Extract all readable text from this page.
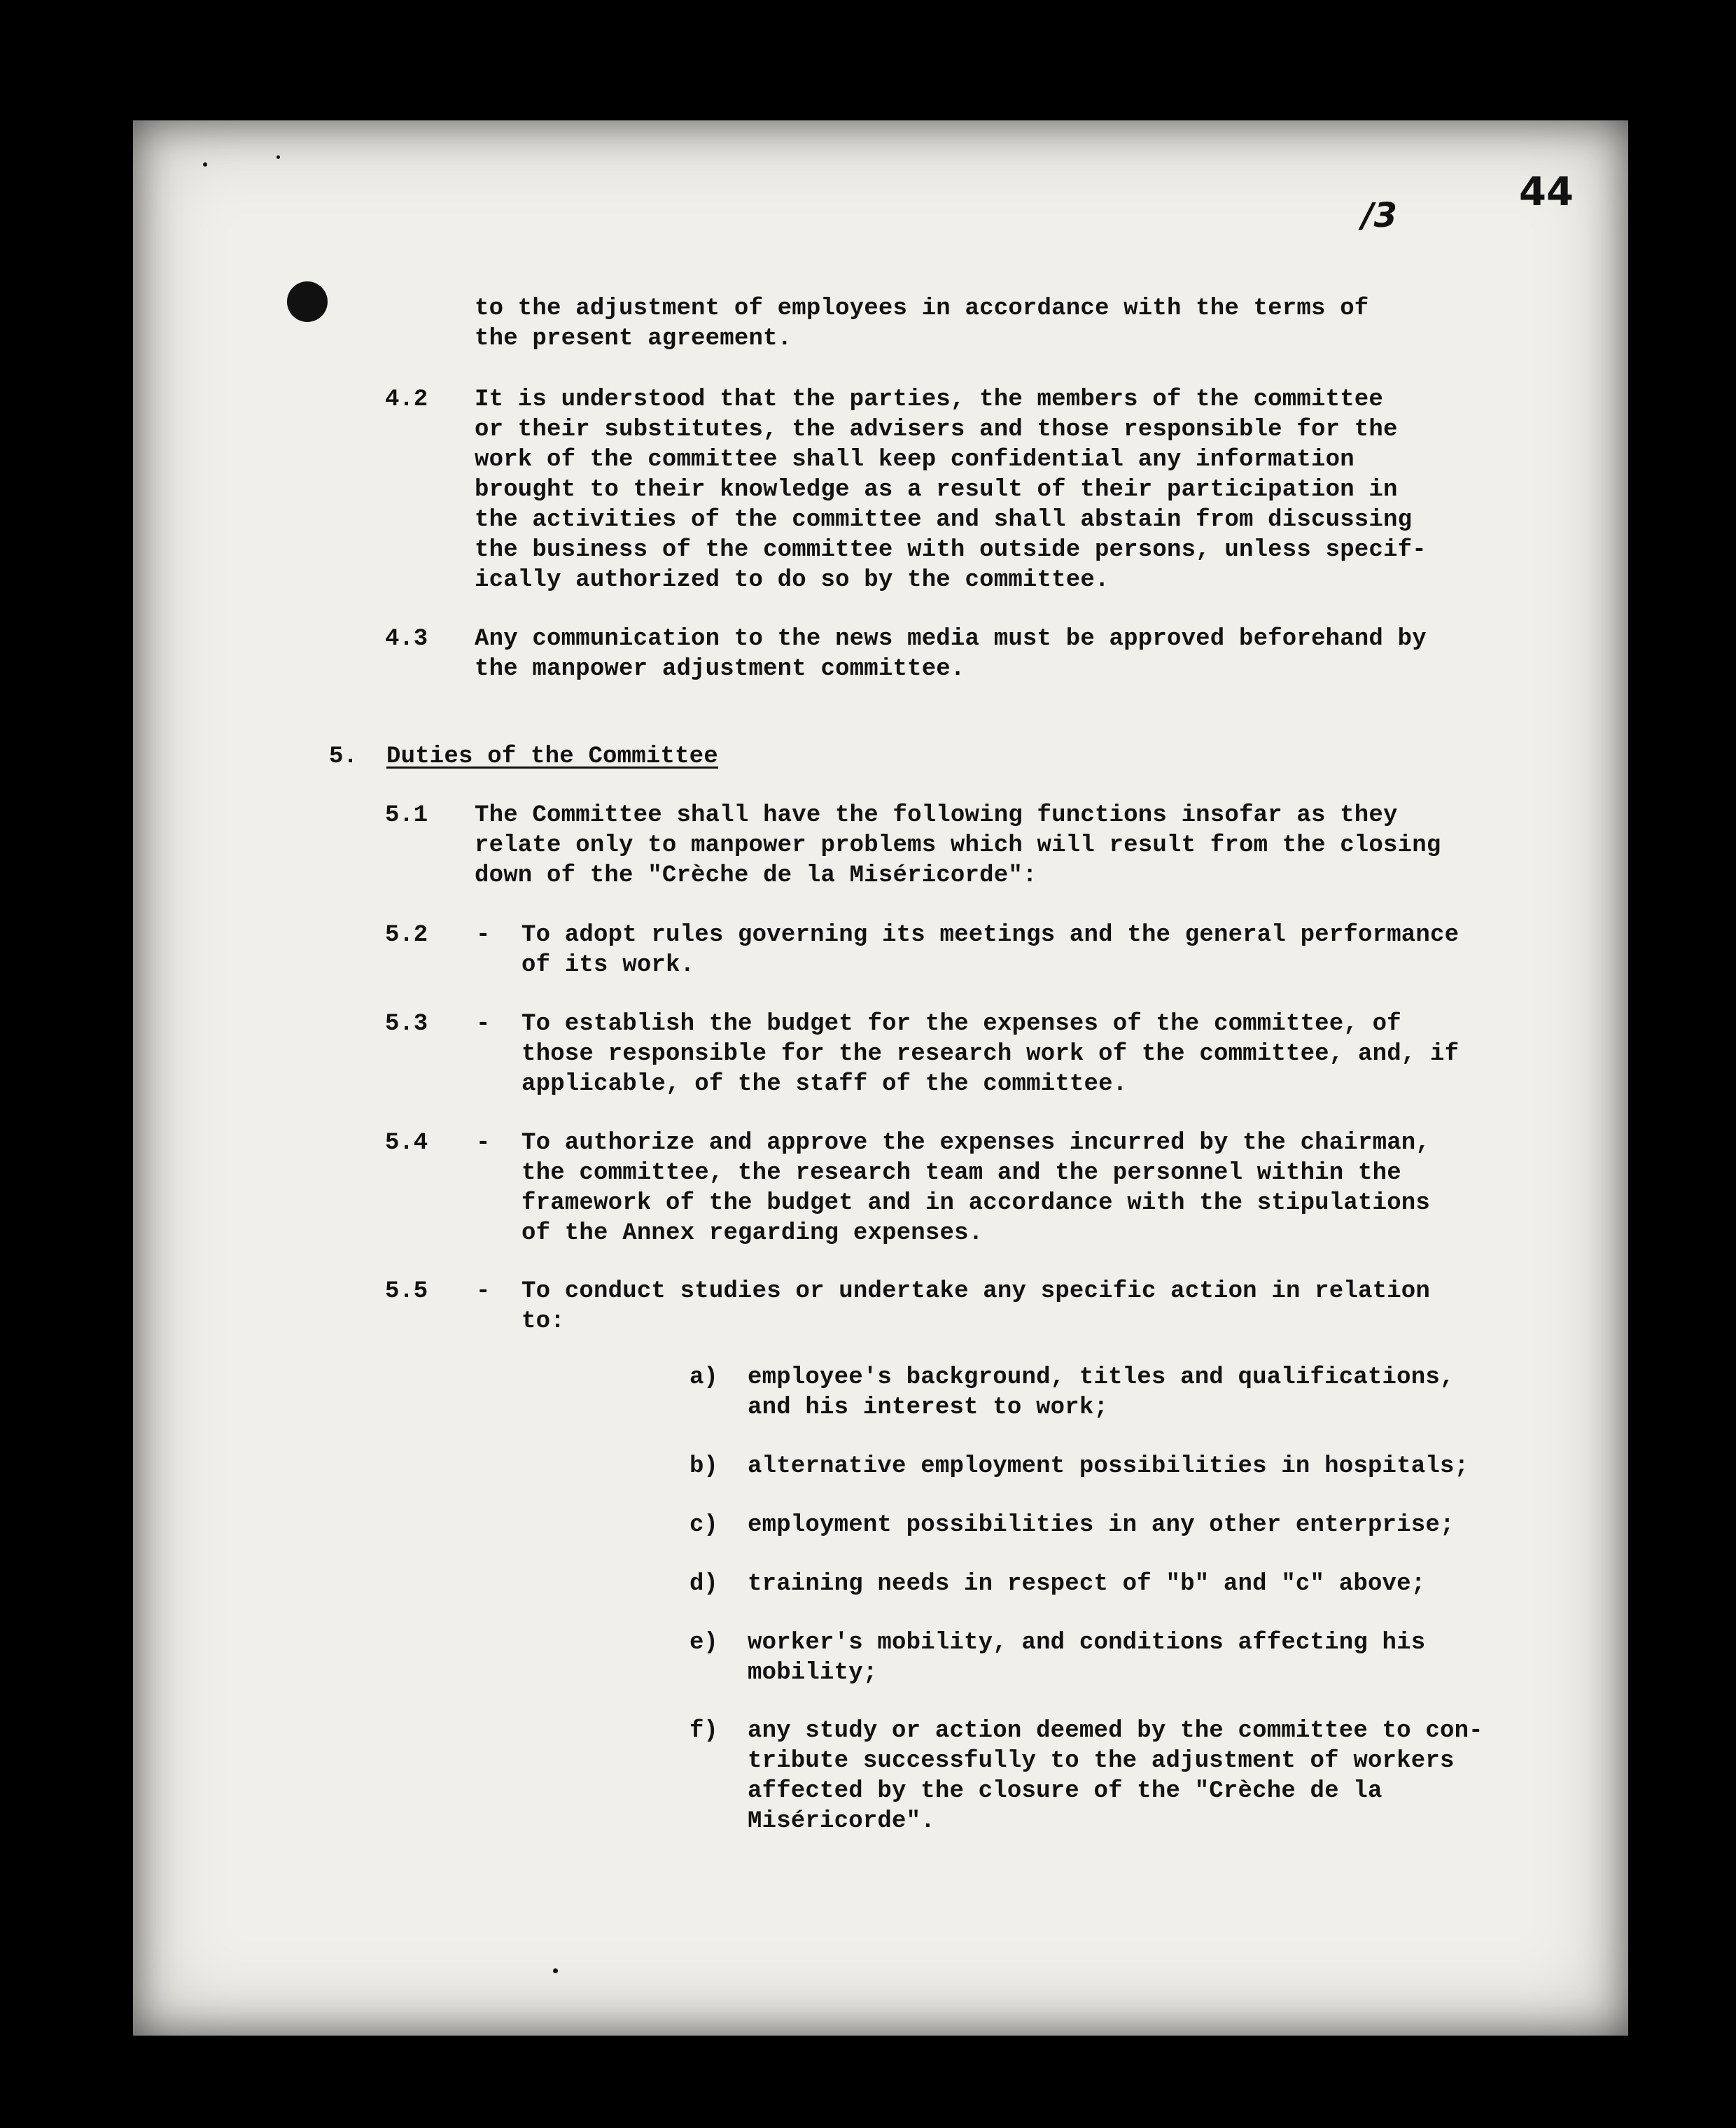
/3
44
to the adjustment of employees in accordance with the terms of
the present agreement.
4.2 It is understood that the parties, the members of the committee
or their substitutes, the advisers and those responsible for the
work of the committee shall keep confidential any information
brought to their knowledge as a result of their participation in
the activities of the committee and shall abstain from discussing
the business of the committee with outside persons, unless specif-
ically authorized to do so by the committee.
4.3 Any communication to the news media must be approved beforehand by
the manpower adjustment committee.
5. Duties of the Committee
5.1 The Committee shall have the following functions insofar as they
relate only to manpower problems which will result from the closing
down of the "Crèche de la Miséricorde":
5.2 - To adopt rules governing its meetings and the general performance
of its work.
5.3 - To establish the budget for the expenses of the committee, of
those responsible for the research work of the committee, and, if
applicable, of the staff of the committee.
5.4 - To authorize and approve the expenses incurred by the chairman,
the committee, the research team and the personnel within the
framework of the budget and in accordance with the stipulations
of the Annex regarding expenses.
5.5 - To conduct studies or undertake any specific action in relation
to:
a) employee's background, titles and qualifications,
and his interest to work;
b) alternative employment possibilities in hospitals;
c) employment possibilities in any other enterprise;
d) training needs in respect of "b" and "c" above;
e) worker's mobility, and conditions affecting his
mobility;
f) any study or action deemed by the committee to con-
tribute successfully to the adjustment of workers
affected by the closure of the "Crèche de la
Miséricorde".
